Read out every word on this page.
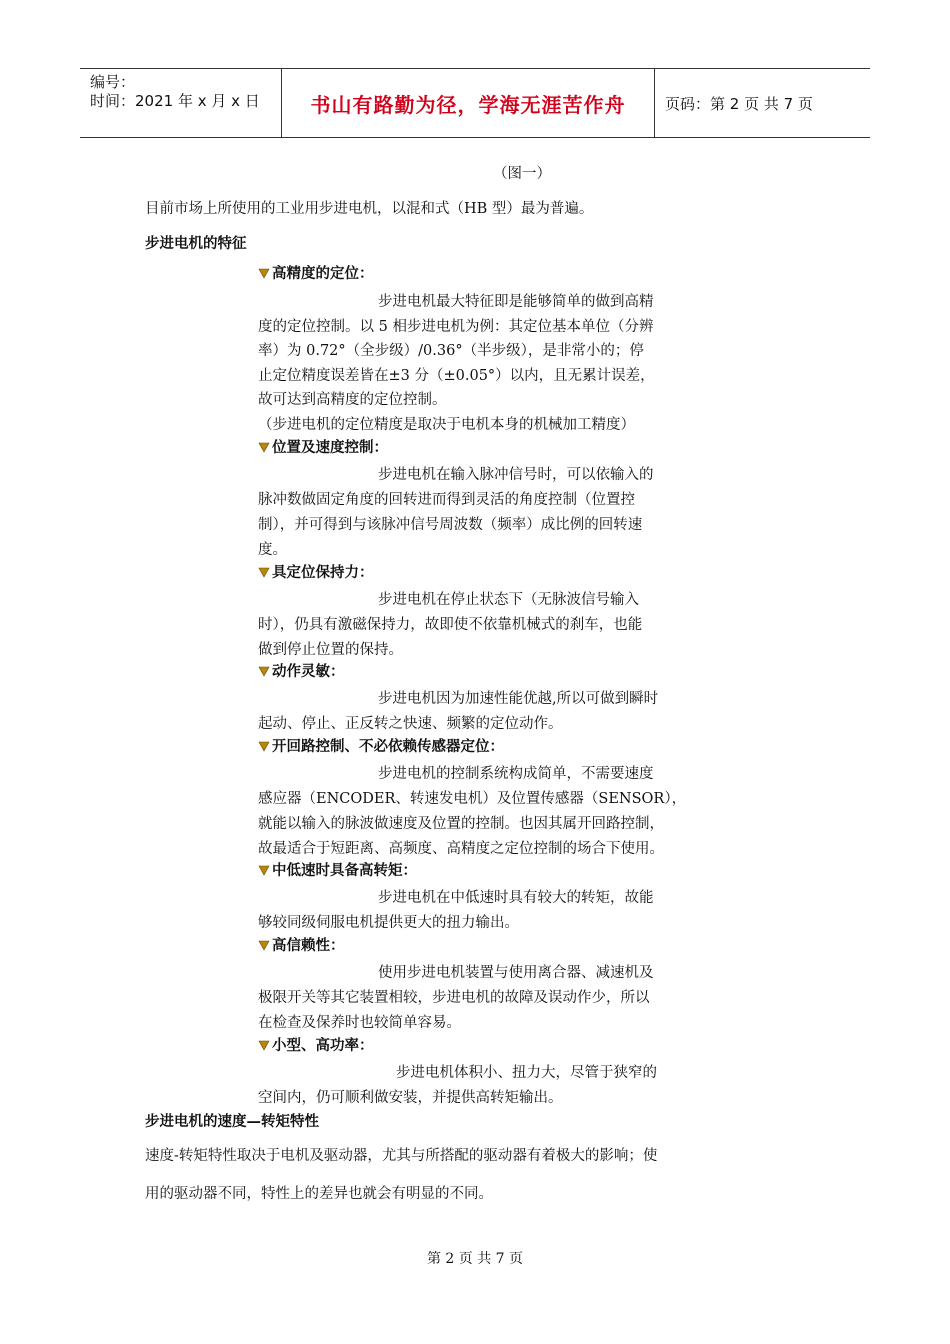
编号：
时间：2021 年 x 月 x 日	书山有路勤为径，学海无涯苦作舟	页码：第 2 页 共 7 页
（图一）
目前市场上所使用的工业用步进电机，以混和式（HB 型）最为普遍。
步进电机的特征
高精度的定位：
步进电机最大特征即是能够简单的做到高精
度的定位控制。以 5 相步进电机为例：其定位基本单位（分辨
率）为 0.72°（全步级）/0.36°（半步级），是非常小的；停
止定位精度误差皆在±3 分（±0.05°）以内，且无累计误差，
故可达到高精度的定位控制。
（步进电机的定位精度是取决于电机本身的机械加工精度）
位置及速度控制：
步进电机在输入脉冲信号时，可以依输入的
脉冲数做固定角度的回转进而得到灵活的角度控制（位置控
制），并可得到与该脉冲信号周波数（频率）成比例的回转速
度。
具定位保持力：
步进电机在停止状态下（无脉波信号输入
时），仍具有激磁保持力，故即使不依靠机械式的刹车，也能
做到停止位置的保持。
动作灵敏：
步进电机因为加速性能优越,所以可做到瞬时
起动、停止、正反转之快速、频繁的定位动作。
开回路控制、不必依赖传感器定位：
步进电机的控制系统构成简单，不需要速度
感应器（ENCODER、转速发电机）及位置传感器（SENSOR），
就能以输入的脉波做速度及位置的控制。也因其属开回路控制，
故最适合于短距离、高频度、高精度之定位控制的场合下使用。
中低速时具备高转矩：
步进电机在中低速时具有较大的转矩，故能
够较同级伺服电机提供更大的扭力输出。
高信赖性：
使用步进电机装置与使用离合器、减速机及
极限开关等其它装置相较，步进电机的故障及误动作少，所以
在检查及保养时也较简单容易。
小型、高功率：
步进电机体积小、扭力大，尽管于狭窄的
空间内，仍可顺利做安装，并提供高转矩输出。
步进电机的速度—转矩特性
速度-转矩特性取决于电机及驱动器，尤其与所搭配的驱动器有着极大的影响；使
用的驱动器不同，特性上的差异也就会有明显的不同。
第 2 页 共 7 页
